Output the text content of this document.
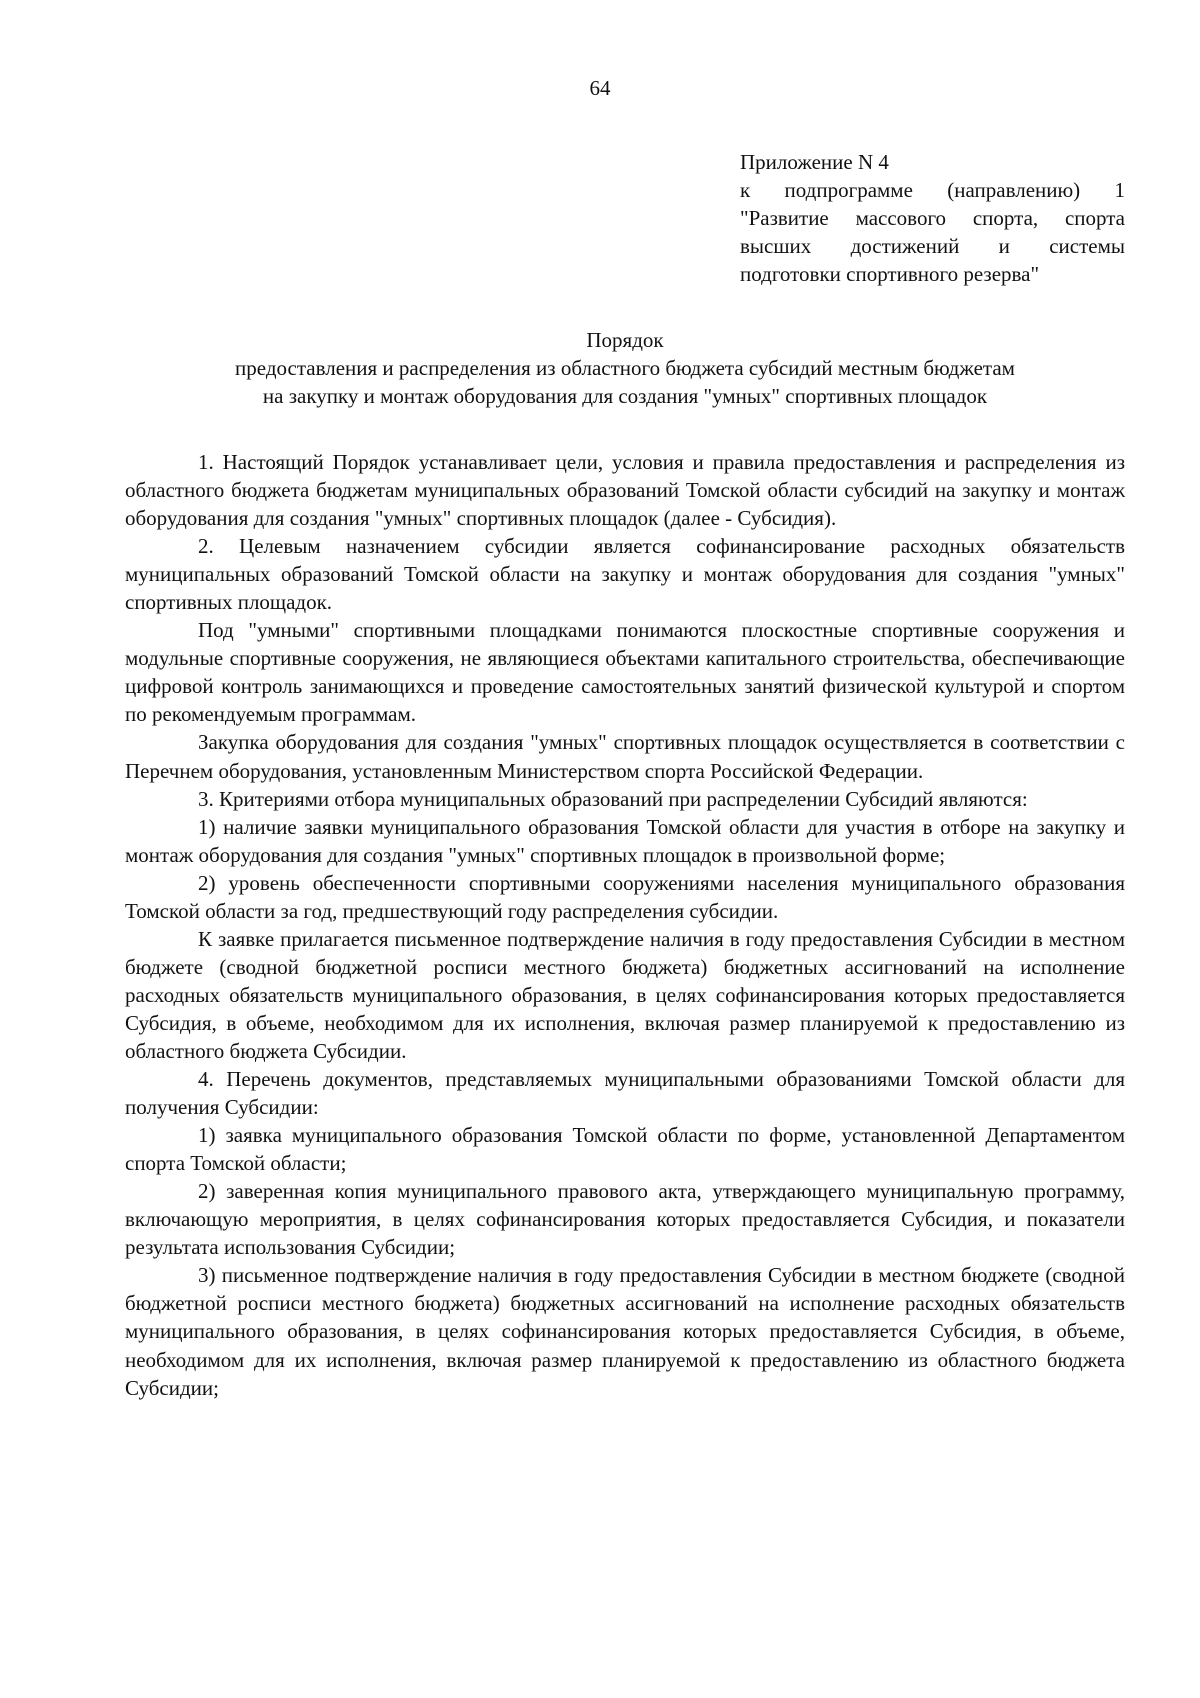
64
Приложение N 4
к подпрограмме (направлению) 1
"Развитие массового спорта, спорта
высших достижений и системы
подготовки спортивного резерва"
Порядок
предоставления и распределения из областного бюджета субсидий местным бюджетам
на закупку и монтаж оборудования для создания "умных" спортивных площадок

1. Настоящий Порядок устанавливает цели, условия и правила предоставления и распределения из областного бюджета бюджетам муниципальных образований Томской области субсидий на закупку и монтаж оборудования для создания "умных" спортивных площадок (далее - Субсидия).

2. Целевым назначением субсидии является софинансирование расходных обязательств муниципальных образований Томской области на закупку и монтаж оборудования для создания "умных" спортивных площадок.

Под "умными" спортивными площадками понимаются плоскостные спортивные сооружения и модульные спортивные сооружения, не являющиеся объектами капитального строительства, обеспечивающие цифровой контроль занимающихся и проведение самостоятельных занятий физической культурой и спортом по рекомендуемым программам.

Закупка оборудования для создания "умных" спортивных площадок осуществляется в соответствии с Перечнем оборудования, установленным Министерством спорта Российской Федерации.

3. Критериями отбора муниципальных образований при распределении Субсидий являются:

1) наличие заявки муниципального образования Томской области для участия в отборе на закупку и монтаж оборудования для создания "умных" спортивных площадок в произвольной форме;

2) уровень обеспеченности спортивными сооружениями населения муниципального образования Томской области за год, предшествующий году распределения субсидии.

К заявке прилагается письменное подтверждение наличия в году предоставления Субсидии в местном бюджете (сводной бюджетной росписи местного бюджета) бюджетных ассигнований на исполнение расходных обязательств муниципального образования, в целях софинансирования которых предоставляется Субсидия, в объеме, необходимом для их исполнения, включая размер планируемой к предоставлению из областного бюджета Субсидии.

4. Перечень документов, представляемых муниципальными образованиями Томской области для получения Субсидии:

1) заявка муниципального образования Томской области по форме, установленной Департаментом спорта Томской области;

2) заверенная копия муниципального правового акта, утверждающего муниципальную программу, включающую мероприятия, в целях софинансирования которых предоставляется Субсидия, и показатели результата использования Субсидии;

3) письменное подтверждение наличия в году предоставления Субсидии в местном бюджете (сводной бюджетной росписи местного бюджета) бюджетных ассигнований на исполнение расходных обязательств муниципального образования, в целях софинансирования которых предоставляется Субсидия, в объеме, необходимом для их исполнения, включая размер планируемой к предоставлению из областного бюджета Субсидии;
